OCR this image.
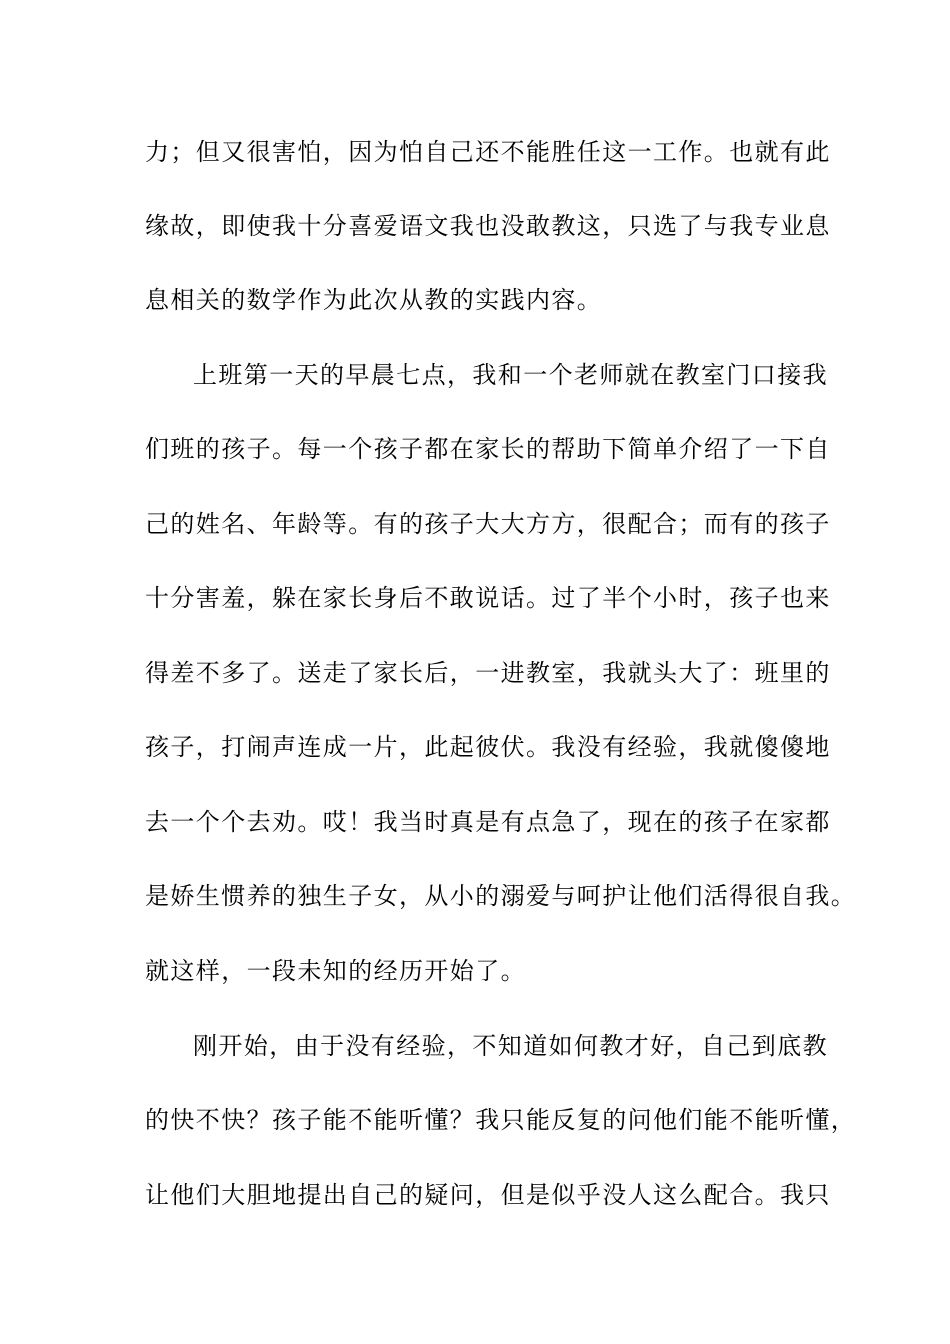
力；但又很害怕，因为怕自己还不能胜任这一工作。也就有此
缘故，即使我十分喜爱语文我也没敢教这，只选了与我专业息
息相关的数学作为此次从教的实践内容。
上班第一天的早晨七点，我和一个老师就在教室门口接我
们班的孩子。每一个孩子都在家长的帮助下简单介绍了一下自
己的姓名、年龄等。有的孩子大大方方，很配合；而有的孩子
十分害羞，躲在家长身后不敢说话。过了半个小时，孩子也来
得差不多了。送走了家长后，一进教室，我就头大了：班里的
孩子，打闹声连成一片，此起彼伏。我没有经验，我就傻傻地
去一个个去劝。哎！我当时真是有点急了，现在的孩子在家都
是娇生惯养的独生子女，从小的溺爱与呵护让他们活得很自我。
就这样，一段未知的经历开始了。
刚开始，由于没有经验，不知道如何教才好，自己到底教
的快不快？孩子能不能听懂？我只能反复的问他们能不能听懂，
让他们大胆地提出自己的疑问，但是似乎没人这么配合。我只
